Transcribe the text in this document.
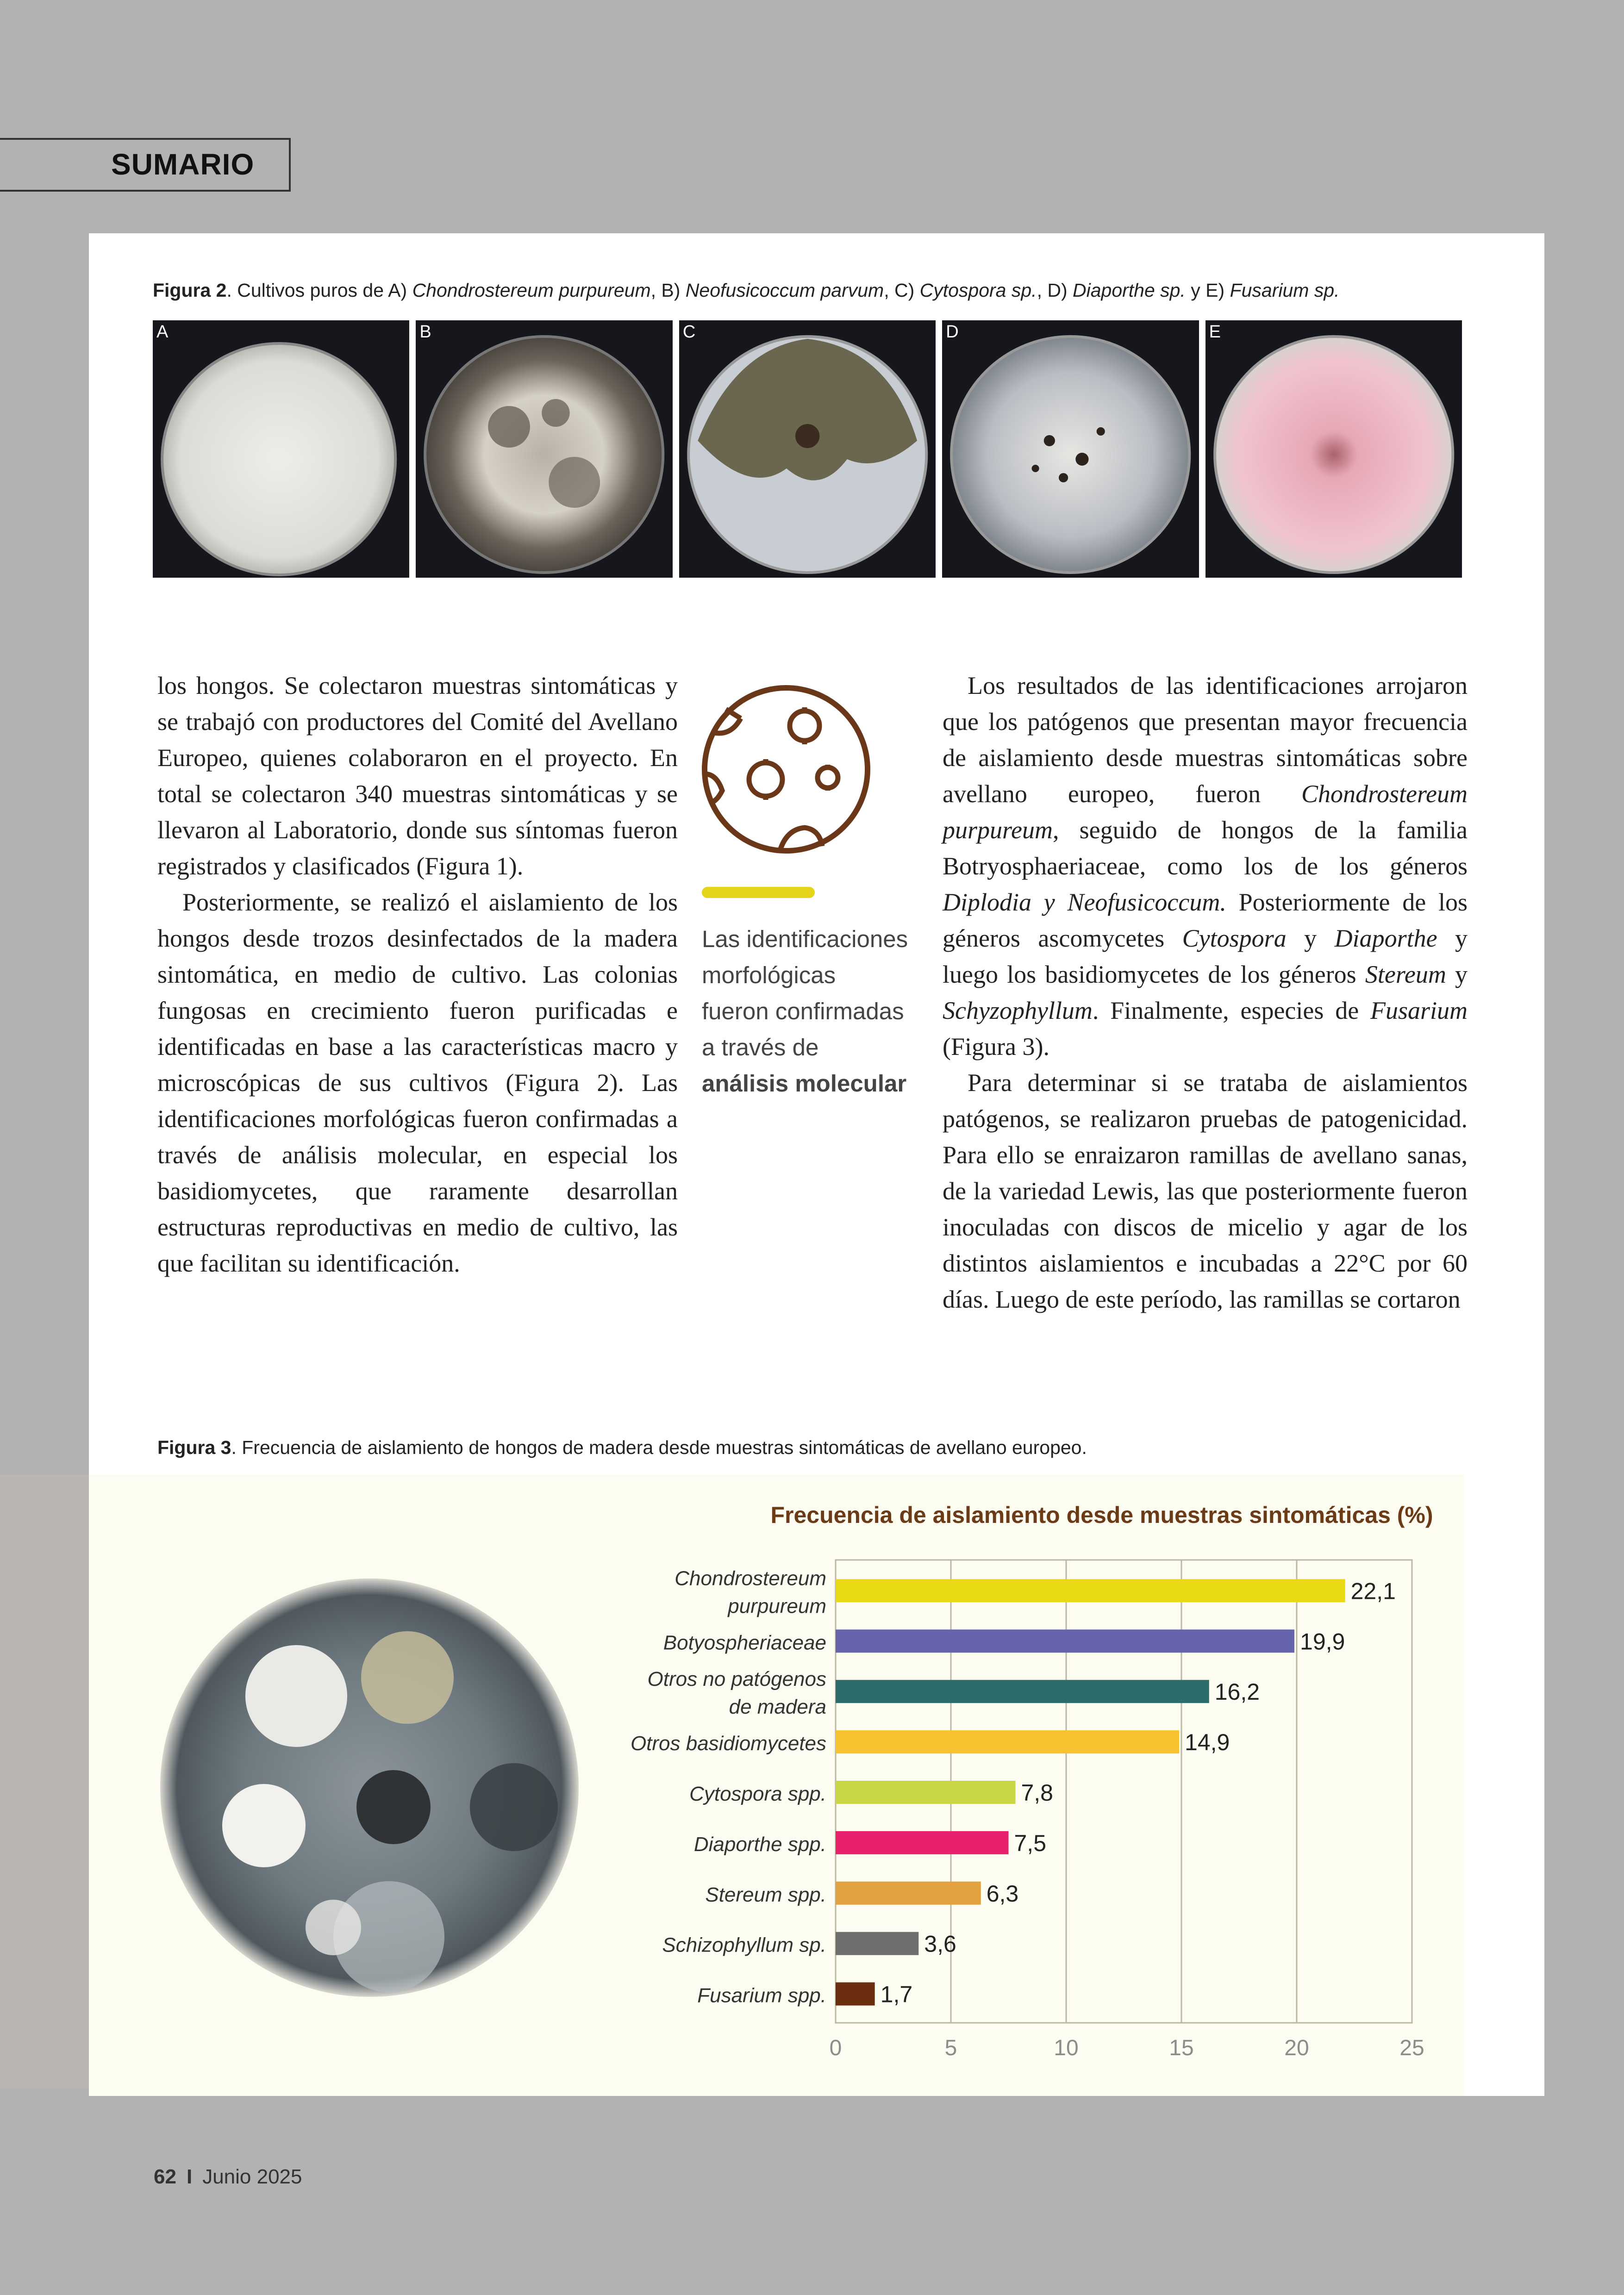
SUMARIO
Figura 2. Cultivos puros de A) Chondrostereum purpureum, B) Neofusicoccum parvum, C) Cytospora sp., D) Diaporthe sp. y E) Fusarium sp.
A	B	C	D	E

los hongos. Se colectaron muestras sintomáticas y se trabajó con productores del Comité del Avellano Europeo, quienes colaboraron en el proyecto. En total se colectaron 340 muestras sintomáticas y se llevaron al Laboratorio, donde sus síntomas fueron registrados y clasificados (Figura 1).

Posteriormente, se realizó el aislamiento de los hongos desde trozos desinfectados de la madera sintomática, en medio de cultivo. Las colonias fungosas en crecimiento fueron purificadas e identificadas en base a las características macro y microscópicas de sus cultivos (Figura 2). Las identificaciones morfológicas fueron confirmadas a través de análisis molecular, en especial los basidiomycetes, que raramente desarrollan estructuras reproductivas en medio de cultivo, las que facilitan su identificación.

Las identificaciones
morfológicas
fueron confirmadas
a través de
análisis molecular

Los resultados de las identificaciones arrojaron que los patógenos que presentan mayor frecuencia de aislamiento desde muestras sintomáticas sobre avellano europeo, fueron Chondrostereum purpureum, seguido de hongos de la familia Botryosphaeriaceae, como los de los géneros Diplodia y Neofusicoccum. Posteriormente de los géneros ascomycetes Cytospora y Diaporthe y luego los basidiomycetes de los géneros Stereum y Schyzophyllum. Finalmente, especies de Fusarium (Figura 3).

Para determinar si se trataba de aislamientos patógenos, se realizaron pruebas de patogenicidad. Para ello se enraizaron ramillas de avellano sanas, de la variedad Lewis, las que posteriormente fueron inoculadas con discos de micelio y agar de los distintos aislamientos e incubadas a 22°C por 60 días. Luego de este período, las ramillas se cortaron

Figura 3. Frecuencia de aislamiento de hongos de madera desde muestras sintomáticas de avellano europeo.
Frecuencia de aislamiento desde muestras sintomáticas (%)
0	5	10	15	20	25
22,1
Chondrostereum
purpureum
19,9
Botyospheriaceae
16,2
Otros no patógenos
de madera
14,9
Otros basidiomycetes
7,8
Cytospora spp.
7,5
Diaporthe spp.
6,3
Stereum spp.
3,6
Schizophyllum sp.
1,7
Fusarium spp.
62 I Junio 2025
